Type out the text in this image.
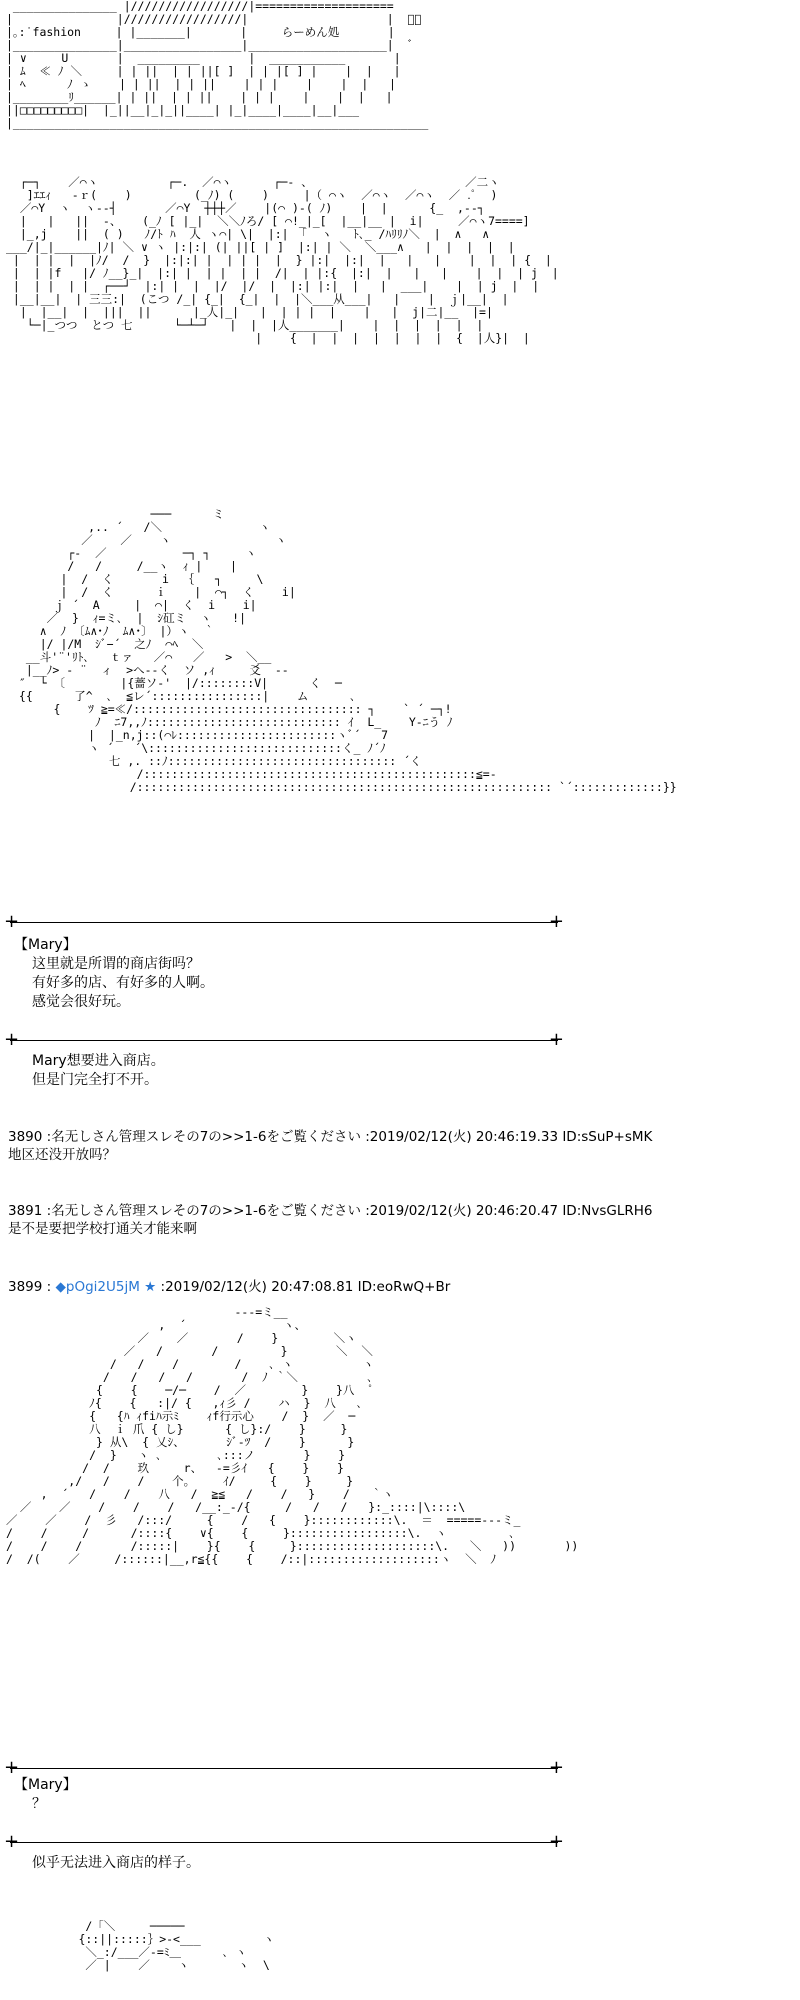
_______________ |/////////////////|====================
|               |/////////////////|                    |  ﾞﾞ
|｡:˙fashion     | |_______|       |     らーめん処       |
|_______________|_________________|____________________|  ﾞ
| ∨     U       |  _________       |  ___________       |
| ﾑ  ≪ ﾉ ＼     | | ||  | | ||[ ]  | | |[ ] |    |  |   |
| ﾍ      ﾉ ゝ    | | ||  | | ||    | | |    |    |  |   |
|________ﾘ______| | ||  | | ||    | | |    |    |  |   |
||□□□□□□□□□|  |_||__|_|_||____| |_|____|____|__|___
|____________________________________________________________
┌─┐    ／⌒ヽ          ┌─.  ／⌒ヽ      ┌─‐ 、                      ／二ヽ
]ｴｴｨ   -ｒ(    )         (_ﾉ) (    )     |（ ⌒ヽ  ／⌒ヽ  ／⌒ヽ  ／ .ﾟ  )
／⌒Y  ヽ  ヽ-‐┤       ／⌒Y  ┼┼┼／    |(⌒ )‐( ﾉ)    |  |      {_  ,-‐┐
|   |   ||  -、   (_ﾉ [ |_|  ＼＼ﾉろ/ [ ⌒!_|_[  |__|__ |  i|     ／⌒ヽ7====]
|_,j    ||  ( )   ﾉ/ﾄ ﾊ  人 ヽ⌒| \|  |:| 「  ヽ   ﾄ､_ /ﾊﾘﾘﾉ＼  |  ∧   ∧
___/|_|______|ﾉ| ＼ ∨ ヽ |:|:| (| ||[ | ]  |:| | ＼  ＼___∧   |  |  |  |  |
|  | |  |  |ﾉ/  /  }  |:|:| |  | | |  |  } |:|  |:|  |   |   |    |  |  | {  |
|  | |f   |/ ﾉ__}_|  |:| |  | |  | |  /|  | |:{  |:|  |   |   |    |  |  | j  |
|  | |  | |  ┌──┘  |:| |  |  |/  |/  |  |:| |:|  |   |  ___|    |  | j  |  |
|__|__|  | 三三:|  (こつ /_| {_|  {_|  |  |＼___从___|   |    |  ｊ|__|  |
|  |__|  |  |||  ||      |_人|_|   |  | | |  |    |   |  j|二|__  |=|
└─|_つつ  とつ 七      └─┴─┘   |  |  |人_______|    |  |  |  |  |  |
|    {  |  |  |  |  |  |  |  {  |人}|  |
───      ミ
,.. ´   /＼              ヽ
／    ／    ヽ               ヽ
┌‐  ／           ─┐ ┐     ヽ
/   /     /__ヽ  ｨ |    |
|  /  く       i  ｛   ┐     \
|  /  く      ｉ    |  ⌒┐  く    i|
ｊ ´  A     |  ⌒|  く  i    i|
／  }  ｨ=ミ､  |  ｼ矼ミ  ヽ   !|
∧  ﾉ 〔ﾑ∧･ﾉ  ﾑ∧･〕 |）ヽ  ｀
|/ |/M  ｼﾞ−´  之ﾉ  ⌒ﾍ  ＼
__斗'¨'ﾘﾄ､   ｔァ   ／⌒   ／   >  ＼__
|__ﾉ> ‐ ¨  ィ  >へ‐‐く  ソ ,ｨ     爻  ‐‐
″  └ 〔        |{薔ソ-'  |/::::::::V|      く  ─
{{      了^  ､  ≦レ´::::::::::::::::|    ム      ､
{    ﾂ ≧=≪/::::::::::::::::::::::::::::::::: ┐    ` ´ ─┐!
ﾉ  ﾆ7,,ﾉ:::::::::::::::::::::::::::: ｲ  L_    Y-ﾆう ﾉ
|  |_n,j::(⌒ﾚ:::::::::::::::::::::::ヽﾞ´   7
ヽ ´   ´\::::::::::::::::::::::::::::く_ ﾉ´ﾉ
七 ,. ::ﾉ::::::::::::::::::::::::::::::::: ´く
/::::::::::::::::::::::::::::::::::::::::::::::::≦=‐
/:::::::::::::::::::::::::::::::::::::::::::::::::::::::::::: `´:::::::::::::}}
+	+
【Mary】
这里就是所谓的商店街吗？
有好多的店、有好多的人啊。
感觉会很好玩。
+	+
Mary想要进入商店。
但是门完全打不开。
3890 :名无しさん管理スレその7の>>1-6をご覧ください :2019/02/12(火) 20:46:19.33 ID:sSuP+sMK
地区还没开放吗？
3891 :名无しさん管理スレその7の>>1-6をご覧ください :2019/02/12(火) 20:46:20.47 ID:NvsGLRH6
是不是要把学校打通关才能来啊
3899 : ◆pOgi2U5jM ★ :2019/02/12(火) 20:47:08.81 ID:eoRwQ+Br
‐‐‐=ミ__
,  ´              ヽ、
／    ／       /    }        ＼ヽ
／   /       /         }       ＼  ＼
/   /    /        /    ､ ヽ          ヽ
/   /   /   /       /  ﾉ ｀＼          ､
{    {    ─/─    /  ／        }    }八  ﾟ
ﾉ{    {   :|/ {   ,ｨ彡 /    ハ  }  八   ､
{   {ﾊ ｨfiﾊ示ﾐ    ｨf行示心    /  }  ／  ─
八  ｉ 爪 { し}      { し}:/    }     }
} 从\  { 乂ｼ、      ｼﾞ‐ﾂ  /    }      }
/  }   ヽ ､        ､:::ノ       }    }
/  /    玖     r、  ‐=彡ｲ   {    }    }
,/   /    /    个。    ｲ/     {    }     }
,  ´   /    /    八   /  ≧≦   /    /   }    /   ｀ヽ
／    ／    /    /    /   /__:_-/{     /   /   /   }:_::::|\::::\
／    ／    /  彡   /:::/     {    /   {    }::::::::::::\.  ＝  =====‐‐‐ミ_
/    /     /      /::::{    ∨{    {     }:::::::::::::::::\.  ヽ         ､
/    /    /       /:::::|    }{    {     }::::::::::::::::::::\.   ＼   ))       ))
/  /(    ／     /::::::|__,r≦{{    {    /::|:::::::::::::::::::ヽ  ＼  ﾉ
+	+
【Mary】
？
+	+
似乎无法进入商店的样子。
/「＼     ─────
{::||:::::｝>‐<___         ヽ
＼_:/___／‐=ﾐ＿      ､ ヽ
／ |    ／    ヽ       ヽ  \
